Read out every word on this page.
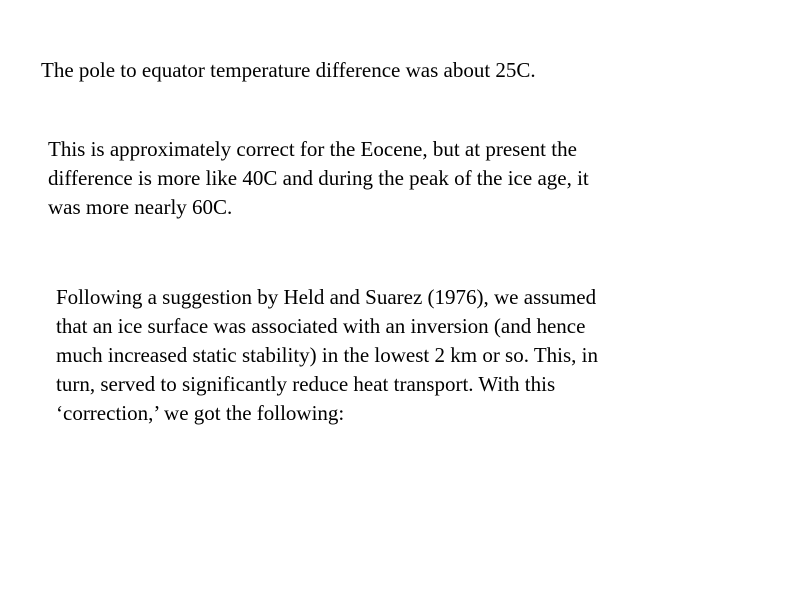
The pole to equator temperature difference was about 25C.

This is approximately correct for the Eocene, but at present the
difference is more like 40C and during the peak of the ice age, it
was more nearly 60C.

Following a suggestion by Held and Suarez (1976), we assumed
that an ice surface was associated with an inversion (and hence
much increased static stability) in the lowest 2 km or so. This, in
turn, served to significantly reduce heat transport. With this
‘correction,’ we got the following:
